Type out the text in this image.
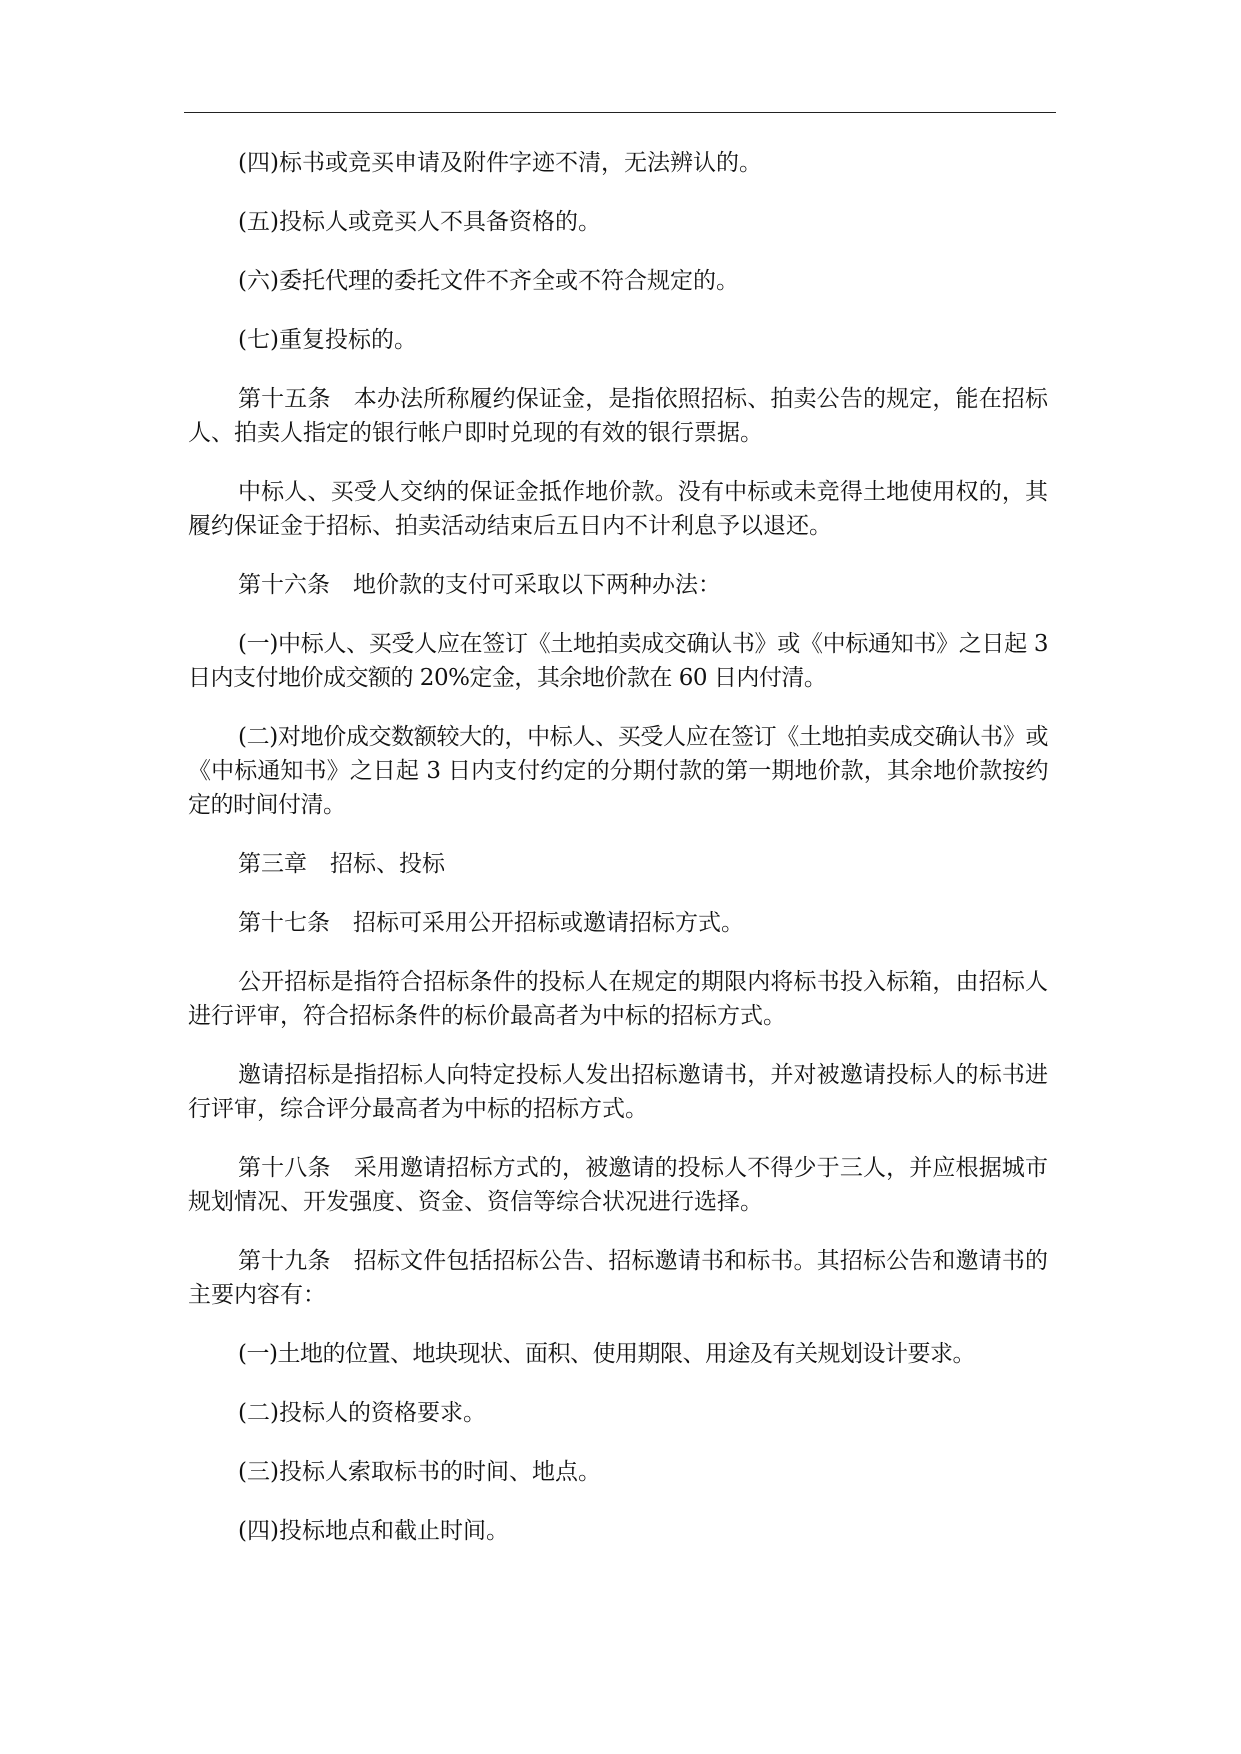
(四)标书或竞买申请及附件字迹不清，无法辨认的。

(五)投标人或竞买人不具备资格的。

(六)委托代理的委托文件不齐全或不符合规定的。

(七)重复投标的。

第十五条　本办法所称履约保证金，是指依照招标、拍卖公告的规定，能在招标人、拍卖人指定的银行帐户即时兑现的有效的银行票据。

中标人、买受人交纳的保证金抵作地价款。没有中标或未竞得土地使用权的，其履约保证金于招标、拍卖活动结束后五日内不计利息予以退还。

第十六条　地价款的支付可采取以下两种办法：

(一)中标人、买受人应在签订《土地拍卖成交确认书》或《中标通知书》之日起 3 日内支付地价成交额的 20%定金，其余地价款在 60 日内付清。

(二)对地价成交数额较大的，中标人、买受人应在签订《土地拍卖成交确认书》或《中标通知书》之日起 3 日内支付约定的分期付款的第一期地价款，其余地价款按约定的时间付清。

第三章　招标、投标

第十七条　招标可采用公开招标或邀请招标方式。

公开招标是指符合招标条件的投标人在规定的期限内将标书投入标箱，由招标人进行评审，符合招标条件的标价最高者为中标的招标方式。

邀请招标是指招标人向特定投标人发出招标邀请书，并对被邀请投标人的标书进行评审，综合评分最高者为中标的招标方式。

第十八条　采用邀请招标方式的，被邀请的投标人不得少于三人，并应根据城市规划情况、开发强度、资金、资信等综合状况进行选择。

第十九条　招标文件包括招标公告、招标邀请书和标书。其招标公告和邀请书的主要内容有：

(一)土地的位置、地块现状、面积、使用期限、用途及有关规划设计要求。

(二)投标人的资格要求。

(三)投标人索取标书的时间、地点。

(四)投标地点和截止时间。
